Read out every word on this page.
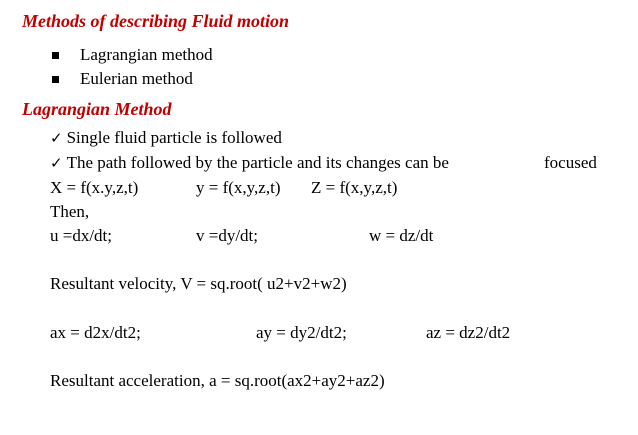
Methods of describing Fluid motion
Lagrangian method
Eulerian method
Lagrangian Method
✓ Single fluid particle is followed
✓ The path followed by the particle and its changes can be	focused
X = f(x.y,z,t)	y = f(x,y,z,t) Z = f(x,y,z,t)
Then,
u =dx/dt;	v =dy/dt;	w = dz/dt
Resultant velocity, V = sq.root( u2+v2+w2)
ax = d2x/dt2;	ay = dy2/dt2;	az = dz2/dt2
Resultant acceleration, a = sq.root(ax2+ay2+az2)
